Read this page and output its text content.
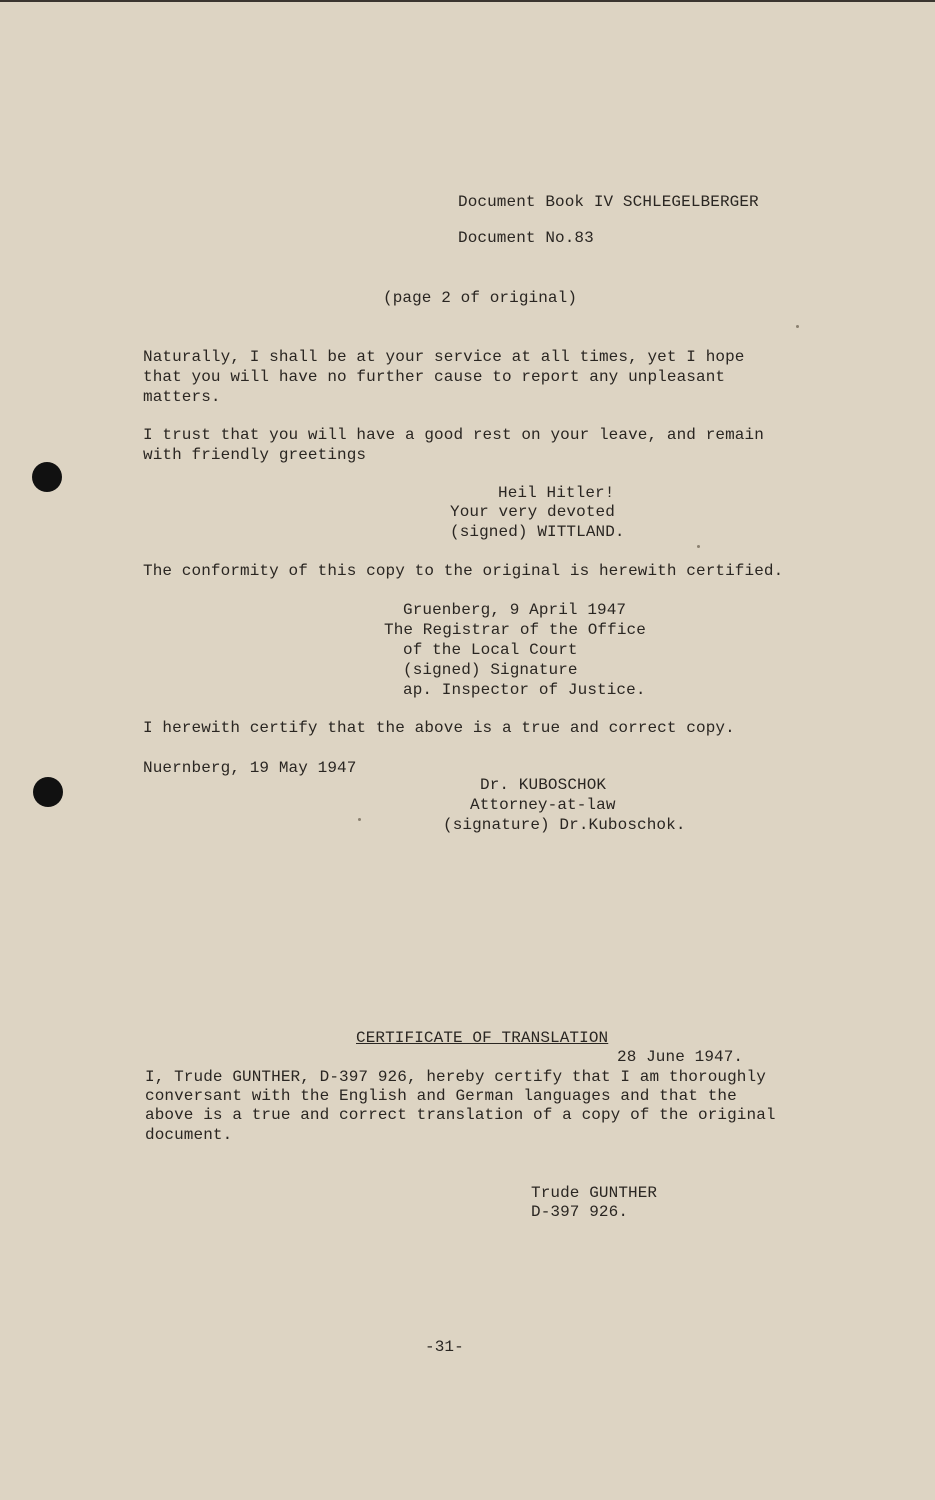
Document Book IV SCHLEGELBERGER
Document No.83
(page 2 of original)
Naturally, I shall be at your service at all times, yet I hope
that you will have no further cause to report any unpleasant
matters.
I trust that you will have a good rest on your leave, and remain
with friendly greetings
Heil Hitler!
Your very devoted
(signed) WITTLAND.
The conformity of this copy to the original is herewith certified.
Gruenberg, 9 April 1947
The Registrar of the Office
of the Local Court
(signed) Signature
ap. Inspector of Justice.
I herewith certify that the above is a true and correct copy.
Nuernberg, 19 May 1947
Dr. KUBOSCHOK
Attorney-at-law
(signature) Dr.Kuboschok.
CERTIFICATE OF TRANSLATION
28 June 1947.
I, Trude GUNTHER, D-397 926, hereby certify that I am thoroughly
conversant with the English and German languages and that the
above is a true and correct translation of a copy of the original
document.
Trude GUNTHER
D-397 926.
-31-
